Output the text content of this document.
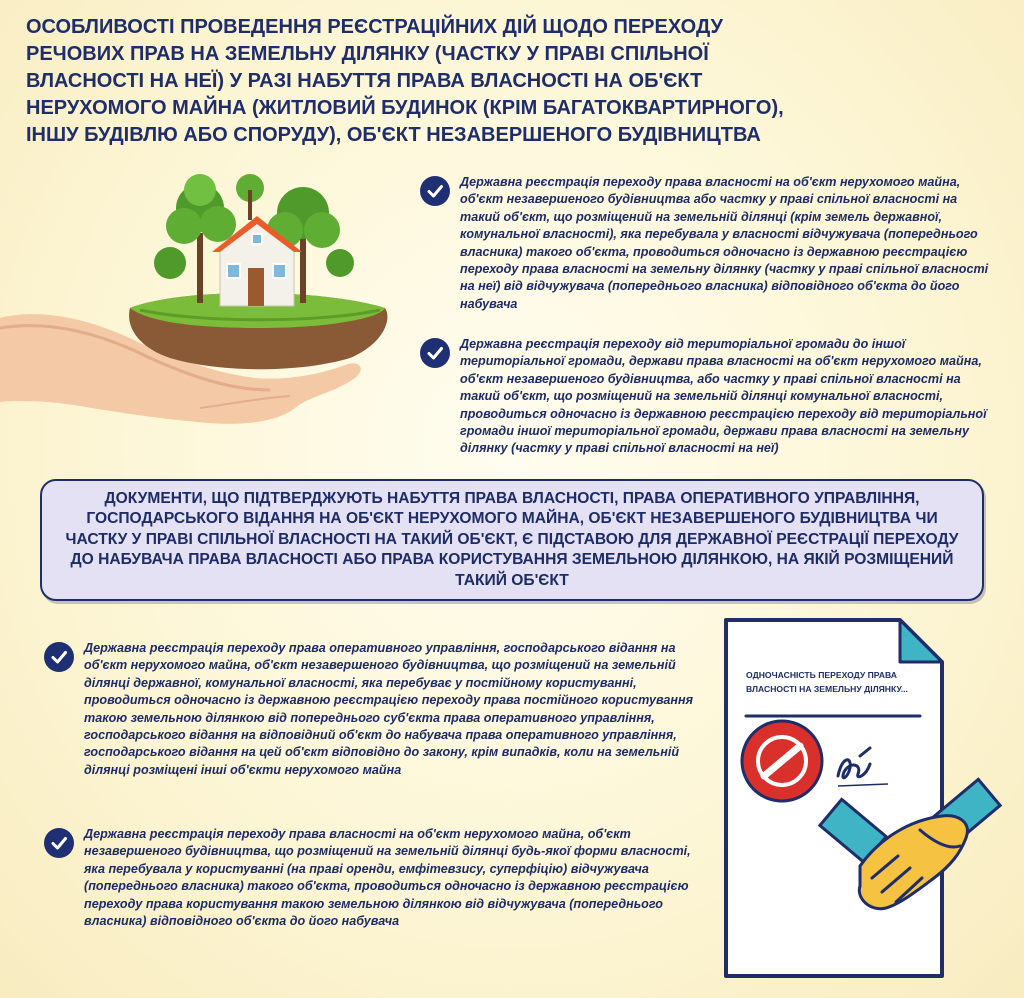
ОСОБЛИВОСТІ ПРОВЕДЕННЯ РЕЄСТРАЦІЙНИХ ДІЙ ЩОДО ПЕРЕХОДУ РЕЧОВИХ ПРАВ НА ЗЕМЕЛЬНУ ДІЛЯНКУ (ЧАСТКУ У ПРАВІ СПІЛЬНОЇ ВЛАСНОСТІ НА НЕЇ) У РАЗІ НАБУТТЯ ПРАВА ВЛАСНОСТІ НА ОБ'ЄКТ НЕРУХОМОГО МАЙНА (ЖИТЛОВИЙ БУДИНОК (КРІМ БАГАТОКВАРТИРНОГО), ІНШУ БУДІВЛЮ АБО СПОРУДУ), ОБ'ЄКТ НЕЗАВЕРШЕНОГО БУДІВНИЦТВА

Державна реєстрація переходу права власності на об'єкт нерухомого майна, об'єкт незавершеного будівництва або частку у праві спільної власності на такий об'єкт, що розміщений на земельній ділянці (крім земель державної, комунальної власності), яка перебувала у власності відчужувача (попереднього власника) такого об'єкта, проводиться одночасно із державною реєстрацією переходу права власності на земельну ділянку (частку у праві спільної власності на неї) від відчужувача (попереднього власника) відповідного об'єкта до його набувача

Державна реєстрація переходу від територіальної громади до іншої територіальної громади, держави права власності на об'єкт нерухомого майна, об'єкт незавершеного будівництва, або частку у праві спільної власності на такий об'єкт, що розміщений на земельній ділянці комунальної власності, проводиться одночасно із державною реєстрацією переходу від територіальної громади іншої територіальної громади, держави права власності на земельну ділянку (частку у праві спільної власності на неї)

ДОКУМЕНТИ, ЩО ПІДТВЕРДЖУЮТЬ НАБУТТЯ ПРАВА ВЛАСНОСТІ, ПРАВА ОПЕРАТИВНОГО УПРАВЛІННЯ, ГОСПОДАРСЬКОГО ВІДАННЯ НА ОБ'ЄКТ НЕРУХОМОГО МАЙНА, ОБ'ЄКТ НЕЗАВЕРШЕНОГО БУДІВНИЦТВА ЧИ ЧАСТКУ У ПРАВІ СПІЛЬНОЇ ВЛАСНОСТІ НА ТАКИЙ ОБ'ЄКТ, Є ПІДСТАВОЮ ДЛЯ ДЕРЖАВНОЇ РЕЄСТРАЦІЇ ПЕРЕХОДУ ДО НАБУВАЧА ПРАВА ВЛАСНОСТІ АБО ПРАВА КОРИСТУВАННЯ ЗЕМЕЛЬНОЮ ДІЛЯНКОЮ, НА ЯКІЙ РОЗМІЩЕНИЙ ТАКИЙ ОБ'ЄКТ

Державна реєстрація переходу права оперативного управління, господарського відання на об'єкт нерухомого майна, об'єкт незавершеного будівництва, що розміщений на земельній ділянці державної, комунальної власності, яка перебуває у постійному користуванні, проводиться одночасно із державною реєстрацією переходу права постійного користування такою земельною ділянкою від попереднього суб'єкта права оперативного управління, господарського відання на відповідний об'єкт до набувача права оперативного управління, господарського відання на цей об'єкт відповідно до закону, крім випадків, коли на земельній ділянці розміщені інші об'єкти нерухомого майна

Державна реєстрація переходу права власності на об'єкт нерухомого майна, об'єкт незавершеного будівництва, що розміщений на земельній ділянці будь-якої форми власності, яка перебувала у користуванні (на праві оренди, емфітевзису, суперфіцію) відчужувача (попереднього власника) такого об'єкта, проводиться одночасно із державною реєстрацією переходу права користування такою земельною ділянкою від відчужувача (попереднього власника) відповідного об'єкта до його набувача

ОДНОЧАСНІСТЬ ПЕРЕХОДУ ПРАВА
ВЛАСНОСТІ НА ЗЕМЕЛЬНУ ДІЛЯНКУ...
